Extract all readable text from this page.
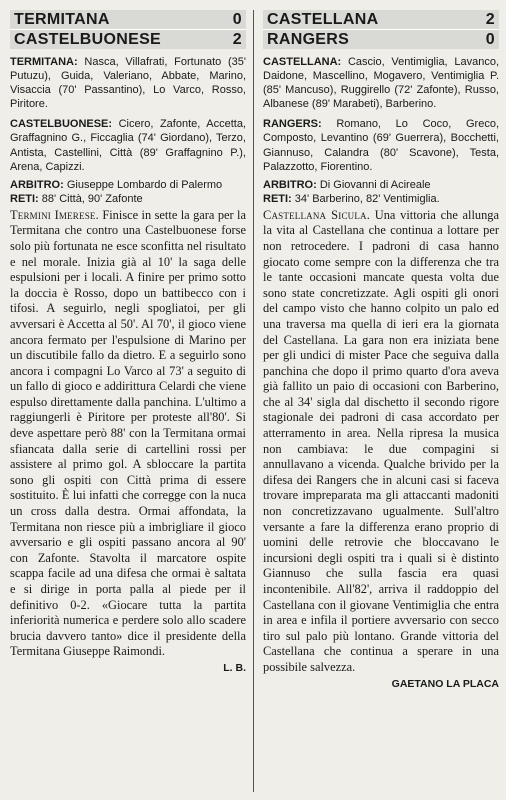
TERMITANA	0
CASTELBUONESE	2
TERMITANA: Nasca, Villafrati, Fortunato (35' Putuzu), Guida, Valeriano, Abbate, Marino, Visaccia (70' Passantino), Lo Varco, Rosso, Piritore.
CASTELBUONESE: Cicero, Zafonte, Accetta, Graffagnino G., Ficcaglia (74' Giordano), Terzo, Antista, Castellini, Città (89' Graffagnino P.), Arena, Capizzi.
ARBITRO: Giuseppe Lombardo di Palermo
RETI: 88' Città, 90' Zafonte

Termini Imerese. Finisce in sette la gara per la Termitana che contro una Castelbuonese forse solo più fortunata ne esce sconfitta nel risultato e nel morale. Inizia già al 10' la saga delle espulsioni per i locali. A finire per primo sotto la doccia è Rosso, dopo un battibecco con i tifosi. A seguirlo, negli spogliatoi, per gli avversari è Accetta al 50'. Al 70', il gioco viene ancora fermato per l'espulsione di Marino per un discutibile fallo da dietro. E a seguirlo sono ancora i compagni Lo Varco al 73' a seguito di un fallo di gioco e addirittura Celardi che viene espulso direttamente dalla panchina. L'ultimo a raggiungerli è Piritore per proteste all'80'. Si deve aspettare però 88' con la Termitana ormai sfiancata dalla serie di cartellini rossi per assistere al primo gol. A sbloccare la partita sono gli ospiti con Città prima di essere sostituito. È lui infatti che corregge con la nuca un cross dalla destra. Ormai affondata, la Termitana non riesce più a imbrigliare il gioco avversario e gli ospiti passano ancora al 90' con Zafonte. Stavolta il marcatore ospite scappa facile ad una difesa che ormai è saltata e si dirige in porta palla al piede per il definitivo 0-2. «Giocare tutta la partita inferiorità numerica e perdere solo allo scadere brucia davvero tanto» dice il presidente della Termitana Giuseppe Raimondi.

L. B.
CASTELLANA	2
RANGERS	0
CASTELLANA: Cascio, Ventimiglia, Lavanco, Daidone, Mascellino, Mogavero, Ventimiglia P. (85' Mancuso), Ruggirello (72' Zafonte), Russo, Albanese (89' Marabeti), Barberino.
RANGERS: Romano, Lo Coco, Greco, Composto, Levantino (69' Guerrera), Bocchetti, Giannuso, Calandra (80' Scavone), Testa, Palazzotto, Fiorentino.
ARBITRO: Di Giovanni di Acireale
RETI: 34' Barberino, 82' Ventimiglia.

Castellana Sicula. Una vittoria che allunga la vita al Castellana che continua a lottare per non retrocedere. I padroni di casa hanno giocato come sempre con la differenza che tra le tante occasioni mancate questa volta due sono state concretizzate. Agli ospiti gli onori del campo visto che hanno colpito un palo ed una traversa ma quella di ieri era la giornata del Castellana. La gara non era iniziata bene per gli undici di mister Pace che seguiva dalla panchina che dopo il primo quarto d'ora aveva già fallito un paio di occasioni con Barberino, che al 34' sigla dal dischetto il secondo rigore stagionale dei padroni di casa accordato per atterramento in area. Nella ripresa la musica non cambiava: le due compagini si annullavano a vicenda. Qualche brivido per la difesa dei Rangers che in alcuni casi si faceva trovare impreparata ma gli attaccanti madoniti non concretizzavano ugualmente. Sull'altro versante a fare la differenza erano proprio di uomini delle retrovie che bloccavano le incursioni degli ospiti tra i quali si è distinto Giannuso che sulla fascia era quasi incontenibile. All'82', arriva il raddoppio del Castellana con il giovane Ventimiglia che entra in area e infila il portiere avversario con secco tiro sul palo più lontano. Grande vittoria del Castellana che continua a sperare in una possibile salvezza.

GAETANO LA PLACA
